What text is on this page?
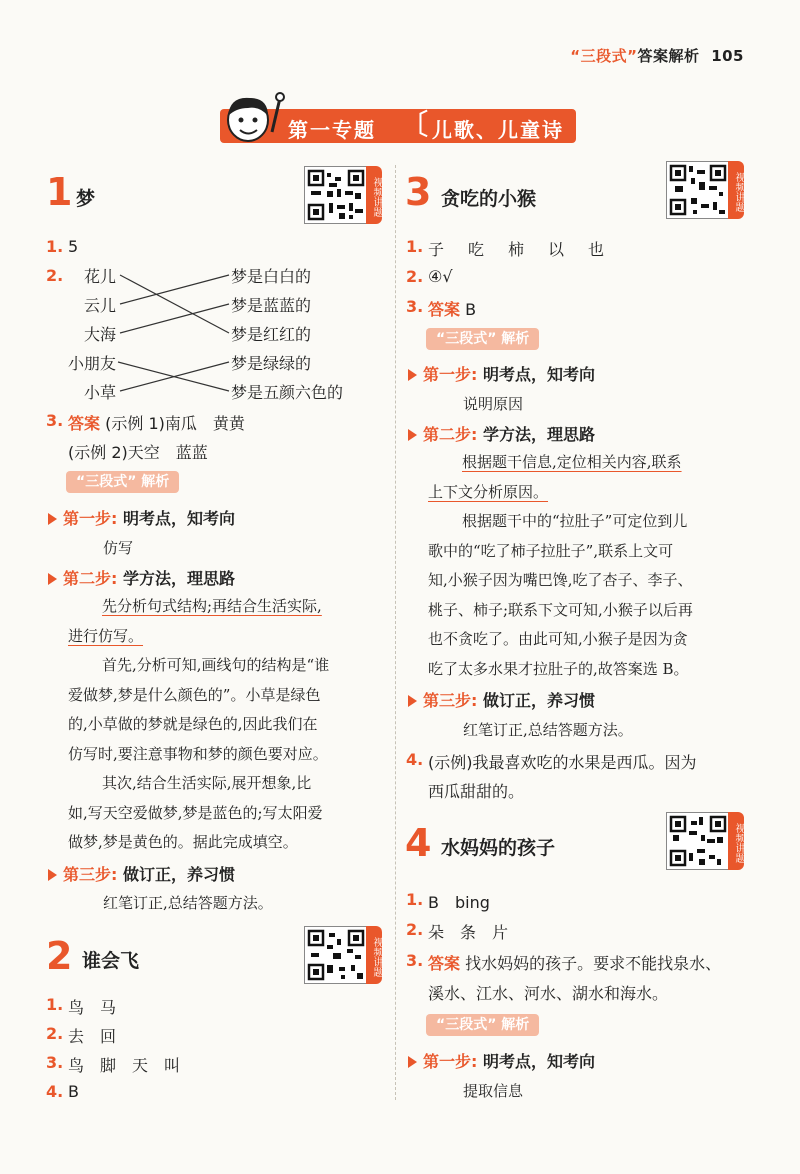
“三段式”答案解析 105
第一专题 〔 儿歌、儿童诗
1 梦	视频讲题
1. 5
2. 花儿
云儿
大海
小朋友
小草
梦是白白的
梦是蓝蓝的
梦是红红的
梦是绿绿的
梦是五颜六色的
3. 答案 (示例 1)南瓜　黄黄
(示例 2)天空　蓝蓝
“三段式” 解析
第一步: 明考点，知考向
仿写
第二步: 学方法，理思路
先分析句式结构;再结合生活实际,
进行仿写。
首先,分析可知,画线句的结构是“谁
爱做梦,梦是什么颜色的”。小草是绿色
的,小草做的梦就是绿色的,因此我们在
仿写时,要注意事物和梦的颜色要对应。
其次,结合生活实际,展开想象,比
如,写天空爱做梦,梦是蓝色的;写太阳爱
做梦,梦是黄色的。据此完成填空。
第三步: 做订正，养习惯
红笔订正,总结答题方法。
2 谁会飞	视频讲题
1. 鸟　马
2. 去　回
3. 鸟　脚　天　叫
4. B
3 贪吃的小猴	视频讲题
1. 子　吃　柿　以　也
2. ④√
3. 答案 B
“三段式” 解析
第一步: 明考点，知考向
说明原因
第二步: 学方法，理思路
根据题干信息,定位相关内容,联系
上下文分析原因。
根据题干中的“拉肚子”可定位到儿
歌中的“吃了柿子拉肚子”,联系上文可
知,小猴子因为嘴巴馋,吃了杏子、李子、
桃子、柿子;联系下文可知,小猴子以后再
也不贪吃了。由此可知,小猴子是因为贪
吃了太多水果才拉肚子的,故答案选 B。
第三步: 做订正，养习惯
红笔订正,总结答题方法。
4. (示例)我最喜欢吃的水果是西瓜。因为
西瓜甜甜的。
4 水妈妈的孩子	视频讲题
1. B　bing
2. 朵　条　片
3. 答案 找水妈妈的孩子。要求不能找泉水、
溪水、江水、河水、湖水和海水。
“三段式” 解析
第一步: 明考点，知考向
提取信息
